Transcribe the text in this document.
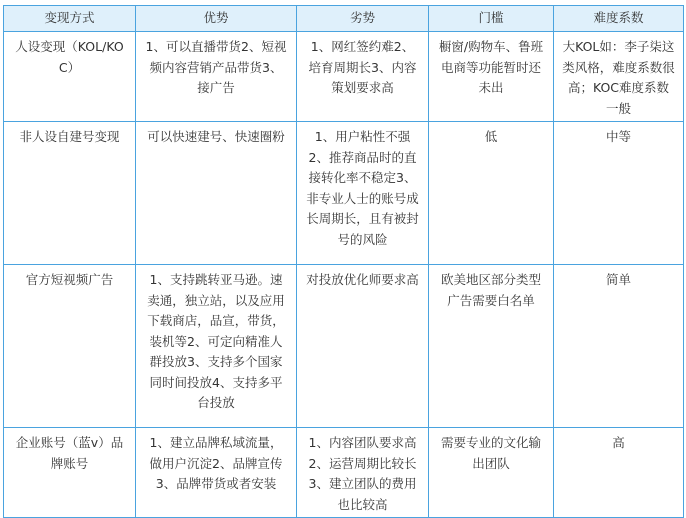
变现方式	优势	劣势	门槛	难度系数
人设变现（KOL/KOC）	1、可以直播带货2、短视频内容营销产品带货3、接广告	1、网红签约难2、培育周期长3、内容策划要求高	橱窗/购物车、鲁班电商等功能暂时还未出	大KOL如：李子柒这类风格，难度系数很高；KOC难度系数一般
非人设自建号变现	可以快速建号、快速圈粉	1、用户粘性不强2、推荐商品时的直接转化率不稳定3、非专业人士的账号成长周期长，且有被封号的风险	低	中等
官方短视频广告	1、支持跳转亚马逊。速卖通，独立站，以及应用下载商店，品宣，带货，装机等2、可定向精准人群投放3、支持多个国家同时间投放4、支持多平台投放	对投放优化师要求高	欧美地区部分类型广告需要白名单	简单
企业账号（蓝v）品牌账号	1、建立品牌私域流量，做用户沉淀2、品牌宣传3、品牌带货或者安装	1、内容团队要求高2、运营周期比较长3、建立团队的费用也比较高	需要专业的文化输出团队	高
